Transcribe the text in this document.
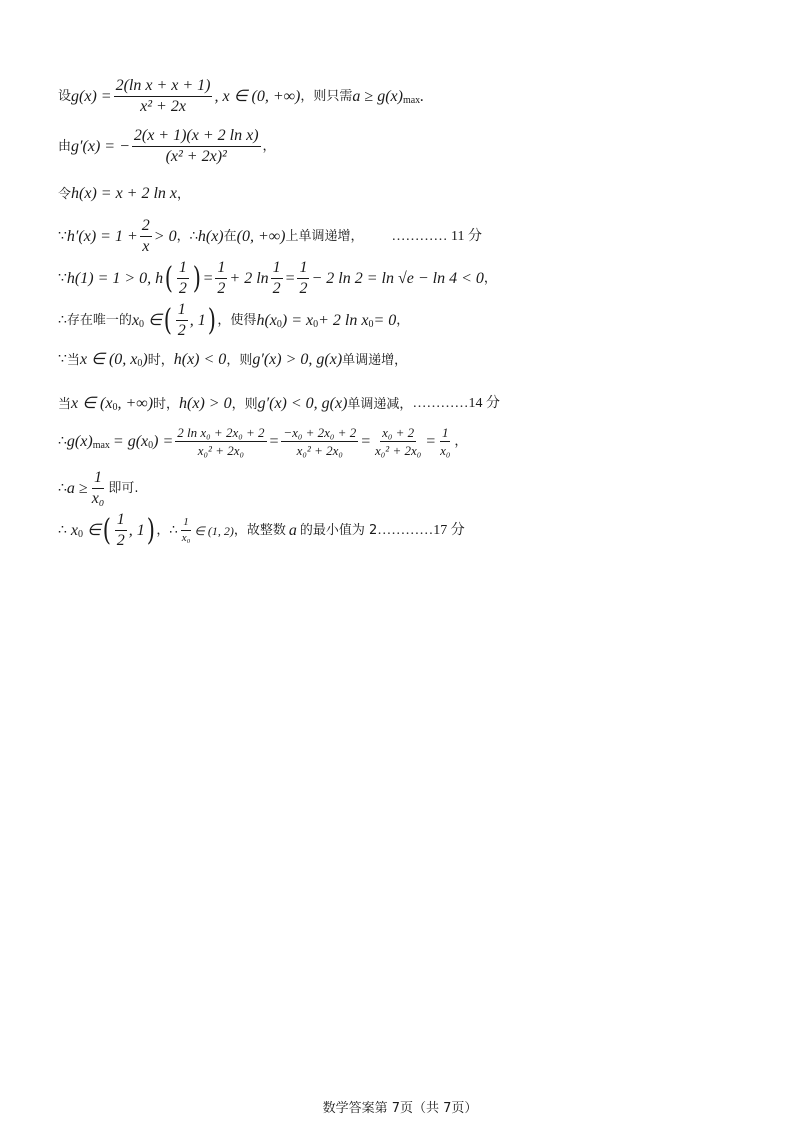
设 $g(x) = \frac{\text{2(ln x + x + 1)}}{\text{x² + 2x}}$ , x ∈ (0, +∞) ，则只需 a ≥ g(x) max .
由 g′(x) = − $\frac{\text{2(x + 1)(x + 2 ln x)}}{\text{(x² + 2x)²}}$ ，
令 h(x) = x + 2 ln x ，
∵ $h'(x) = 1 + \frac{2}{x} > 0$ ，∴ h(x) 在 (0, +∞) 上单调递增， ………… 11 分
∵ h(1) = 1 > 0, h ( $\frac{1}{2}$ ) = $\frac{1}{2} + 2$ $\ln \frac{1}{2} = \frac{1}{2} - 2$ ln 2 = ln √e − ln 4 < 0 ，
∴ 存在唯一的 x 0 ∈ ( $\frac{1}{2}$ , 1 ) ，使得 h(x 0 ) = x 0 + 2 ln x 0 = 0 ，
∵ 当 x ∈ (0, x 0 ) 时， h(x) < 0 ，则 g′(x) > 0, g(x) 单调递增，
当 x ∈ (x 0 , +∞) 时， h(x) > 0 ，则 g′(x) < 0, g(x) 单调递减， …………14 分
∴ g(x) max = g(x 0 ) = $\frac{\text{2 ln x₀ + 2x₀ + 2}}{\text{x₀² + 2x₀}} = \frac{\text{−x₀ + 2x₀ + 2}}{\text{x₀² + 2x₀}} = \frac{\text{x₀ + 2}}{\text{x₀² + 2x₀}} = \frac{1}{\text{x₀}}$ ，
∴ $a \ge \frac{1}{\text{x₀}}$ 即可.
∴ x 0 ∈ ( $\frac{1}{2}$ , 1 ) ，∴ $\frac{1}{\text{x₀}}$ ∈ (1, 2) ，故整数 a 的最小值为 2 …………17 分
数学答案第 7页（共 7页）
